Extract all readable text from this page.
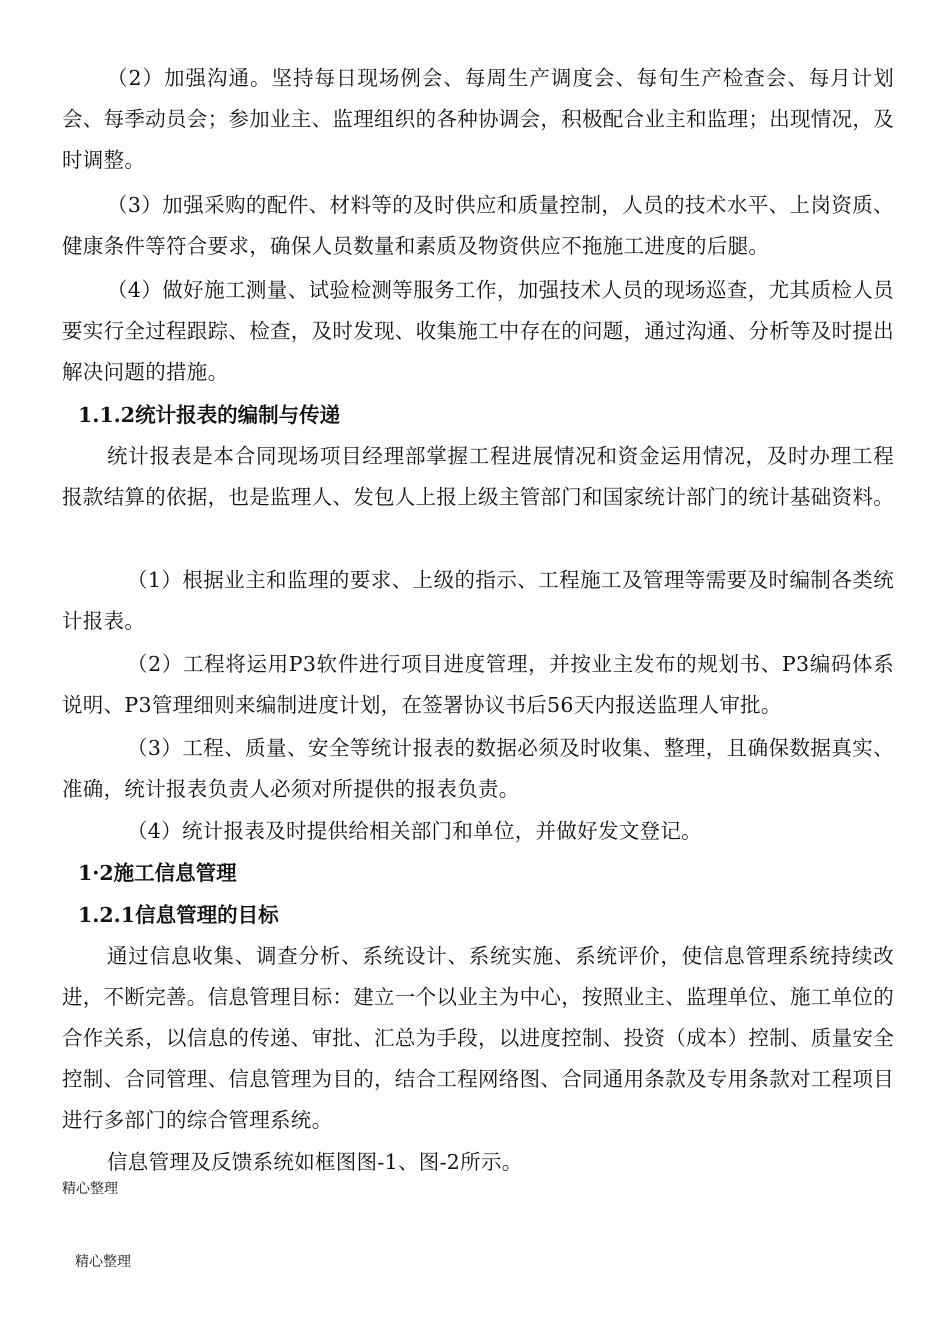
（2）加强沟通。坚持每日现场例会、每周生产调度会、每旬生产检查会、每月计划会、每季动员会；参加业主、监理组织的各种协调会，积极配合业主和监理；出现情况，及时调整。

（3）加强采购的配件、材料等的及时供应和质量控制，人员的技术水平、上岗资质、健康条件等符合要求，确保人员数量和素质及物资供应不拖施工进度的后腿。

（4）做好施工测量、试验检测等服务工作，加强技术人员的现场巡查，尤其质检人员要实行全过程跟踪、检查，及时发现、收集施工中存在的问题，通过沟通、分析等及时提出解决问题的措施。

1.1.2统计报表的编制与传递

统计报表是本合同现场项目经理部掌握工程进展情况和资金运用情况，及时办理工程报款结算的依据，也是监理人、发包人上报上级主管部门和国家统计部门的统计基础资料。

（1）根据业主和监理的要求、上级的指示、工程施工及管理等需要及时编制各类统计报表。

（2）工程将运用P3软件进行项目进度管理，并按业主发布的规划书、P3编码体系说明、P3管理细则来编制进度计划，在签署协议书后56天内报送监理人审批。

（3）工程、质量、安全等统计报表的数据必须及时收集、整理，且确保数据真实、准确，统计报表负责人必须对所提供的报表负责。

（4）统计报表及时提供给相关部门和单位，并做好发文登记。

1·2施工信息管理

1.2.1信息管理的目标

通过信息收集、调查分析、系统设计、系统实施、系统评价，使信息管理系统持续改进，不断完善。信息管理目标：建立一个以业主为中心，按照业主、监理单位、施工单位的合作关系，以信息的传递、审批、汇总为手段，以进度控制、投资（成本）控制、质量安全控制、合同管理、信息管理为目的，结合工程网络图、合同通用条款及专用条款对工程项目进行多部门的综合管理系统。

信息管理及反馈系统如框图图-1、图-2所示。

精心整理

精心整理
